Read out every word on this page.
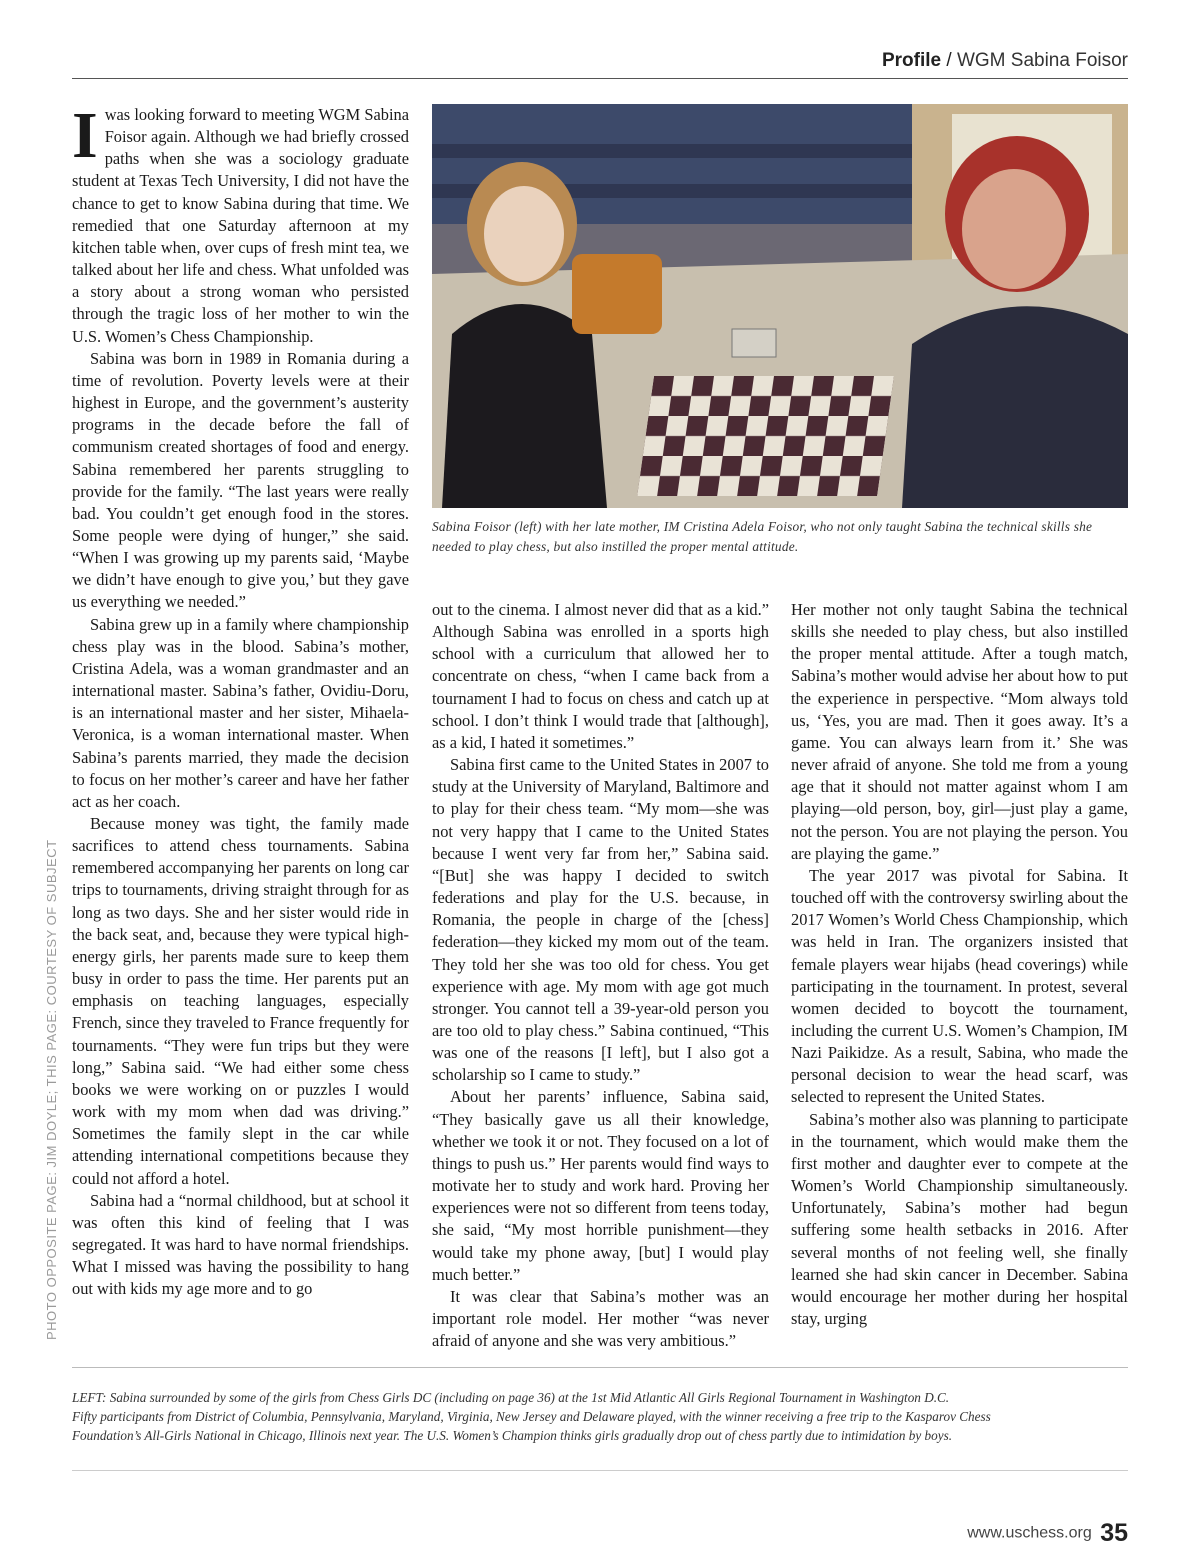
Profile / WGM Sabina Foisor
PHOTO OPPOSITE PAGE: JIM DOYLE; THIS PAGE: COURTESY OF SUBJECT

Iwas looking forward to meeting WGM Sabina Foisor again. Although we had briefly crossed paths when she was a sociology graduate student at Texas Tech University, I did not have the chance to get to know Sabina during that time. We remedied that one Saturday afternoon at my kitchen table when, over cups of fresh mint tea, we talked about her life and chess. What unfolded was a story about a strong woman who persisted through the tragic loss of her mother to win the U.S. Women’s Chess Championship.

Sabina was born in 1989 in Romania during a time of revolution. Poverty levels were at their highest in Europe, and the government’s austerity programs in the decade before the fall of communism created shortages of food and energy. Sabina remembered her parents struggling to provide for the family. “The last years were really bad. You couldn’t get enough food in the stores. Some people were dying of hunger,” she said. “When I was growing up my parents said, ‘Maybe we didn’t have enough to give you,’ but they gave us everything we needed.”

Sabina grew up in a family where championship chess play was in the blood. Sabina’s mother, Cristina Adela, was a woman grandmaster and an international master. Sabina’s father, Ovidiu-Doru, is an international master and her sister, Mihaela-Veronica, is a woman international master. When Sabina’s parents married, they made the decision to focus on her mother’s career and have her father act as her coach.

Because money was tight, the family made sacrifices to attend chess tournaments. Sabina remembered accompanying her parents on long car trips to tournaments, driving straight through for as long as two days. She and her sister would ride in the back seat, and, because they were typical high-energy girls, her parents made sure to keep them busy in order to pass the time. Her parents put an emphasis on teaching languages, especially French, since they traveled to France frequently for tournaments. “They were fun trips but they were long,” Sabina said. “We had either some chess books we were working on or puzzles I would work with my mom when dad was driving.” Sometimes the family slept in the car while attending international competitions because they could not afford a hotel.

Sabina had a “normal childhood, but at school it was often this kind of feeling that I was segregated. It was hard to have normal friendships. What I missed was having the possibility to hang out with kids my age more and to go

Sabina Foisor (left) with her late mother, IM Cristina Adela Foisor, who not only taught Sabina the technical skills she needed to play chess, but also instilled the proper mental attitude.

out to the cinema. I almost never did that as a kid.” Although Sabina was enrolled in a sports high school with a curriculum that allowed her to concentrate on chess, “when I came back from a tournament I had to focus on chess and catch up at school. I don’t think I would trade that [although], as a kid, I hated it sometimes.”

Sabina first came to the United States in 2007 to study at the University of Maryland, Baltimore and to play for their chess team. “My mom—she was not very happy that I came to the United States because I went very far from her,” Sabina said. “[But] she was happy I decided to switch federations and play for the U.S. because, in Romania, the people in charge of the [chess] federation—they kicked my mom out of the team. They told her she was too old for chess. You get experience with age. My mom with age got much stronger. You cannot tell a 39-year-old person you are too old to play chess.” Sabina continued, “This was one of the reasons [I left], but I also got a scholarship so I came to study.”

About her parents’ influence, Sabina said, “They basically gave us all their knowledge, whether we took it or not. They focused on a lot of things to push us.” Her parents would find ways to motivate her to study and work hard. Proving her experiences were not so different from teens today, she said, “My most horrible punishment—they would take my phone away, [but] I would play much better.”

It was clear that Sabina’s mother was an important role model. Her mother “was never afraid of anyone and she was very ambitious.”

Her mother not only taught Sabina the technical skills she needed to play chess, but also instilled the proper mental attitude. After a tough match, Sabina’s mother would advise her about how to put the experience in perspective. “Mom always told us, ‘Yes, you are mad. Then it goes away. It’s a game. You can always learn from it.’ She was never afraid of anyone. She told me from a young age that it should not matter against whom I am playing—old person, boy, girl—just play a game, not the person. You are not playing the person. You are playing the game.”

The year 2017 was pivotal for Sabina. It touched off with the controversy swirling about the 2017 Women’s World Chess Championship, which was held in Iran. The organizers insisted that female players wear hijabs (head coverings) while participating in the tournament. In protest, several women decided to boycott the tournament, including the current U.S. Women’s Champion, IM Nazi Paikidze. As a result, Sabina, who made the personal decision to wear the head scarf, was selected to represent the United States.

Sabina’s mother also was planning to participate in the tournament, which would make them the first mother and daughter ever to compete at the Women’s World Championship simultaneously. Unfortunately, Sabina’s mother had begun suffering some health setbacks in 2016. After several months of not feeling well, she finally learned she had skin cancer in December. Sabina would encourage her mother during her hospital stay, urging

LEFT: Sabina surrounded by some of the girls from Chess Girls DC (including on page 36) at the 1st Mid Atlantic All Girls Regional Tournament in Washington D.C.
Fifty participants from District of Columbia, Pennsylvania, Maryland, Virginia, New Jersey and Delaware played, with the winner receiving a free trip to the Kasparov Chess
Foundation’s All-Girls National in Chicago, Illinois next year. The U.S. Women’s Champion thinks girls gradually drop out of chess partly due to intimidation by boys.
www.uschess.org 35
